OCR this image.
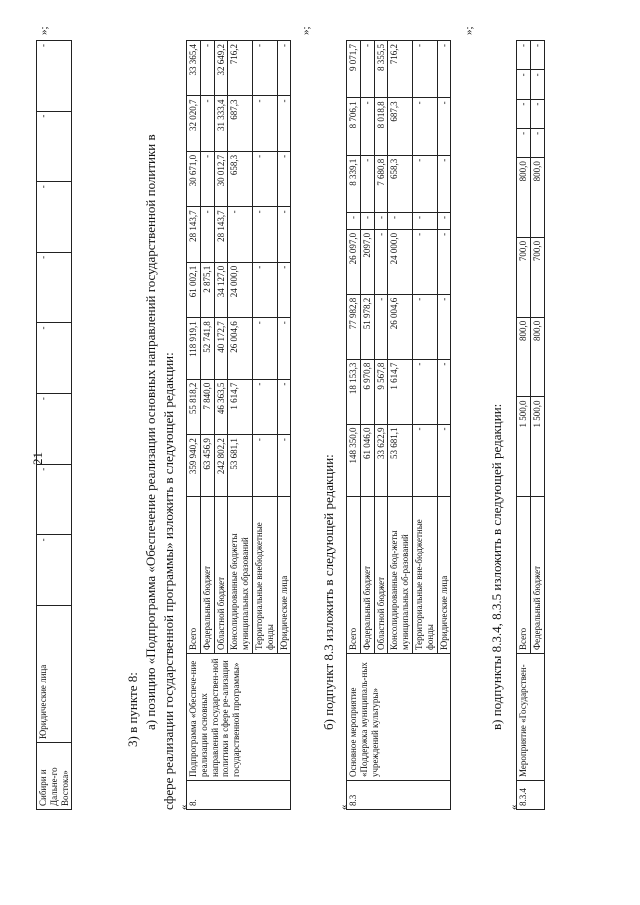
21
Сибири и Дальне-го Востока»	Юридические лица	-	-	-	-	-	-	-	-
»;
3) в пункте 8: а) позицию «Подпрограмма «Обеспечение реализации основных направлений государственной политики в сфере реализации государственной программы» изложить в следующей редакции: «
8.	Подпрограмма «Обеспече-ние реализации основных направлений государствен-ной политики в сфере ре-ализации государственной программы»	Всего	359 940,2	55 818,2	118 919,1	61 002,1	28 143,7	30 671,0	32 020,7	33 365,4
		Федеральный бюджет	63 456,9	7 840,0	52 741,8	2 875,1	-	-	-	-
		Областной бюджет	242 802,2	46 363,5	40 172,7	34 127,0	28 143,7	30 012,7	31 333,4	32 649,2
		Консолидированные бюджеты муниципальных образований	53 681,1	1 614,7	26 004,6	24 000,0	-	658,3	687,3	716,2
		Территориальные внебюджетные фонды	-	-	-	-	-	-	-	-
		Юридические лица	-	-	-	-	-	-	-	-
»;
б) подпункт 8.3 изложить в следующей редакции:
«
8.3	Основное мероприятие «Поддержка муниципаль-ных учреждений культуры»	Всего	148 350,0	18 153,3	77 982,8	26 097,0	-	8 339,1	8 706,1	9 071,7
		Федеральный бюджет	61 046,0	6 970,8	51 978,2	2097,0	-	-	-	-
		Областной бюджет	33 622,9	9 567,8	-	-	-	7 680,8	8 018,8	8 355,5
		Консолидированные бюд-жеты муниципальных об-разований	53 681,1	1 614,7	26 004,6	24 000,0	-	658,3	687,3	716,2
		Территориальные вне-бюджетные фонды	-	-	-	-	-	-	-	-
		Юридические лица	-	-	-	-	-	-	-	-
»;
в) подпункты 8.3.4, 8.3.5 изложить в следующей редакции:
«
8.3.4	Мероприятие «Государствен-	Всего	1 500,0	800,0	700,0	800,0	-	-	-	-
		Федеральный бюджет	1 500,0	800,0	700,0	800,0	-	-	-	-
